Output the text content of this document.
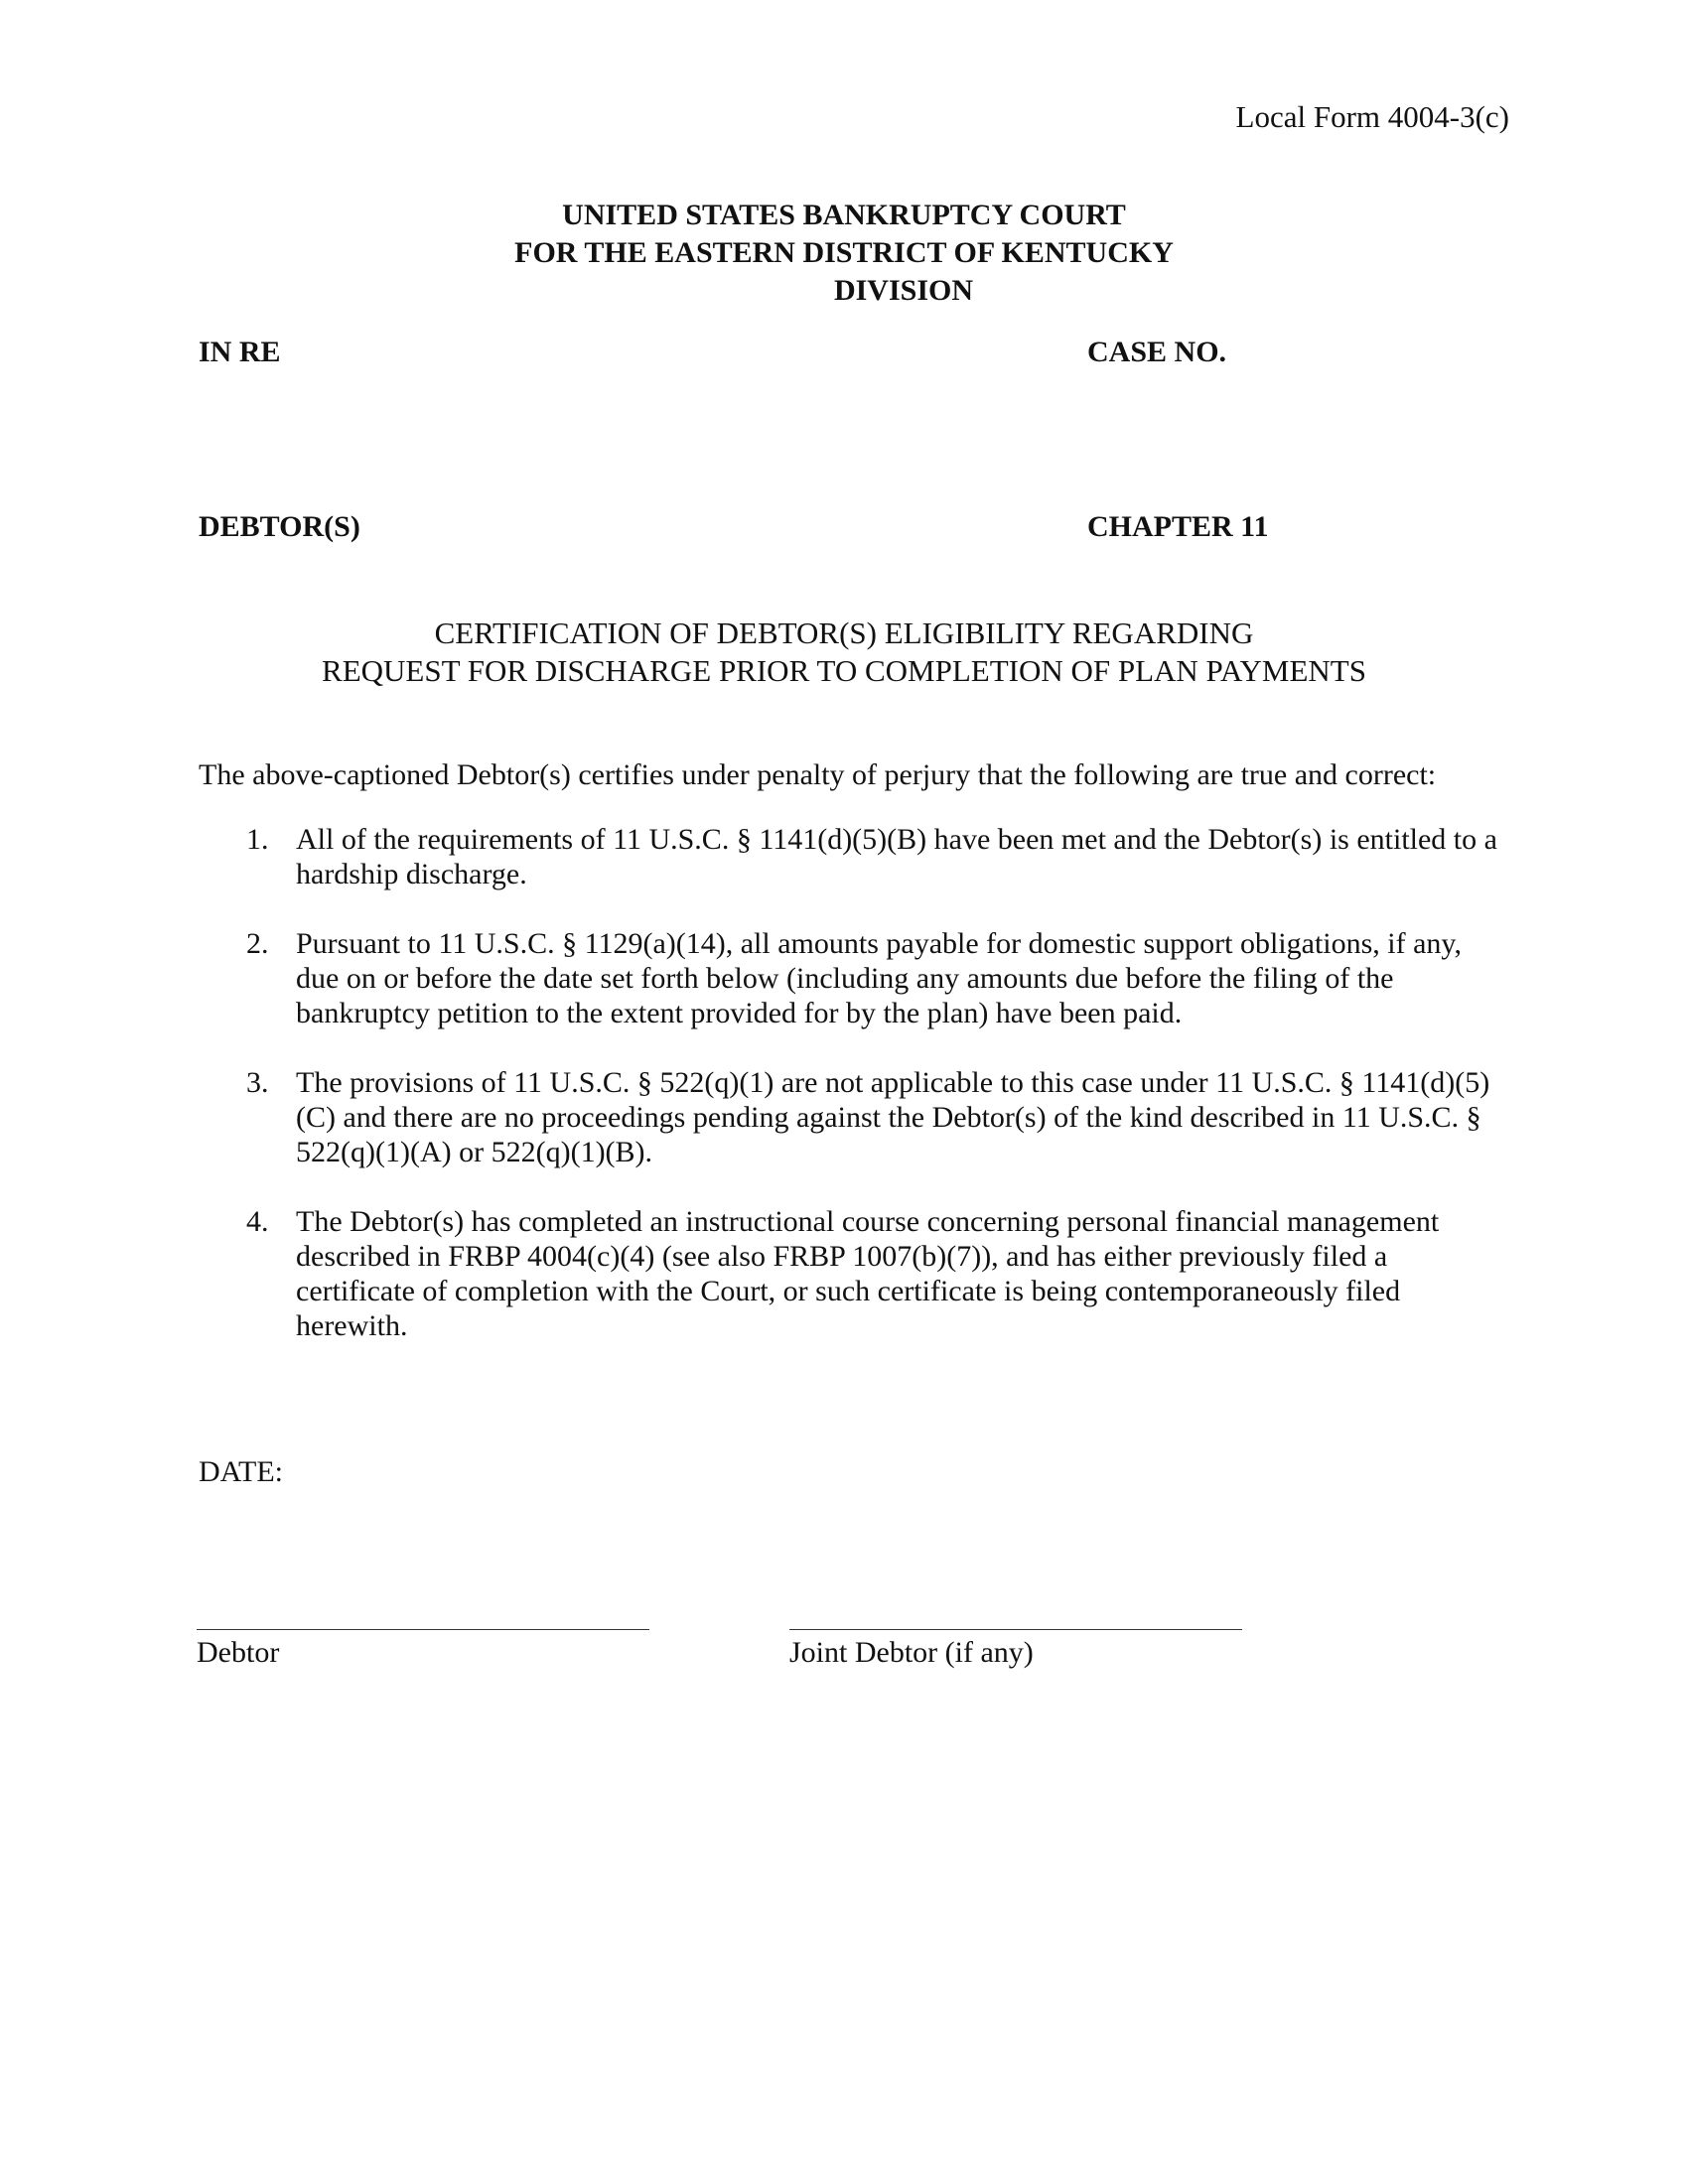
Local Form 4004-3(c)
UNITED STATES BANKRUPTCY COURT
FOR THE EASTERN DISTRICT OF KENTUCKY
DIVISION
IN RE	CASE NO.
DEBTOR(S)	CHAPTER 11
CERTIFICATION OF DEBTOR(S) ELIGIBILITY REGARDING
REQUEST FOR DISCHARGE PRIOR TO COMPLETION OF PLAN PAYMENTS
The above-captioned Debtor(s) certifies under penalty of perjury that the following are true and correct:
1. All of the requirements of 11 U.S.C. § 1141(d)(5)(B) have been met and the Debtor(s) is entitled to a hardship discharge.
2. Pursuant to 11 U.S.C. § 1129(a)(14), all amounts payable for domestic support obligations, if any, due on or before the date set forth below (including any amounts due before the filing of the bankruptcy petition to the extent provided for by the plan) have been paid.
3. The provisions of 11 U.S.C. § 522(q)(1) are not applicable to this case under 11 U.S.C. § 1141(d)(5)(C) and there are no proceedings pending against the Debtor(s) of the kind described in 11 U.S.C. § 522(q)(1)(A) or 522(q)(1)(B).
4. The Debtor(s) has completed an instructional course concerning personal financial management described in FRBP 4004(c)(4) (see also FRBP 1007(b)(7)), and has either previously filed a certificate of completion with the Court, or such certificate is being contemporaneously filed herewith.
DATE:
Debtor	Joint Debtor (if any)
